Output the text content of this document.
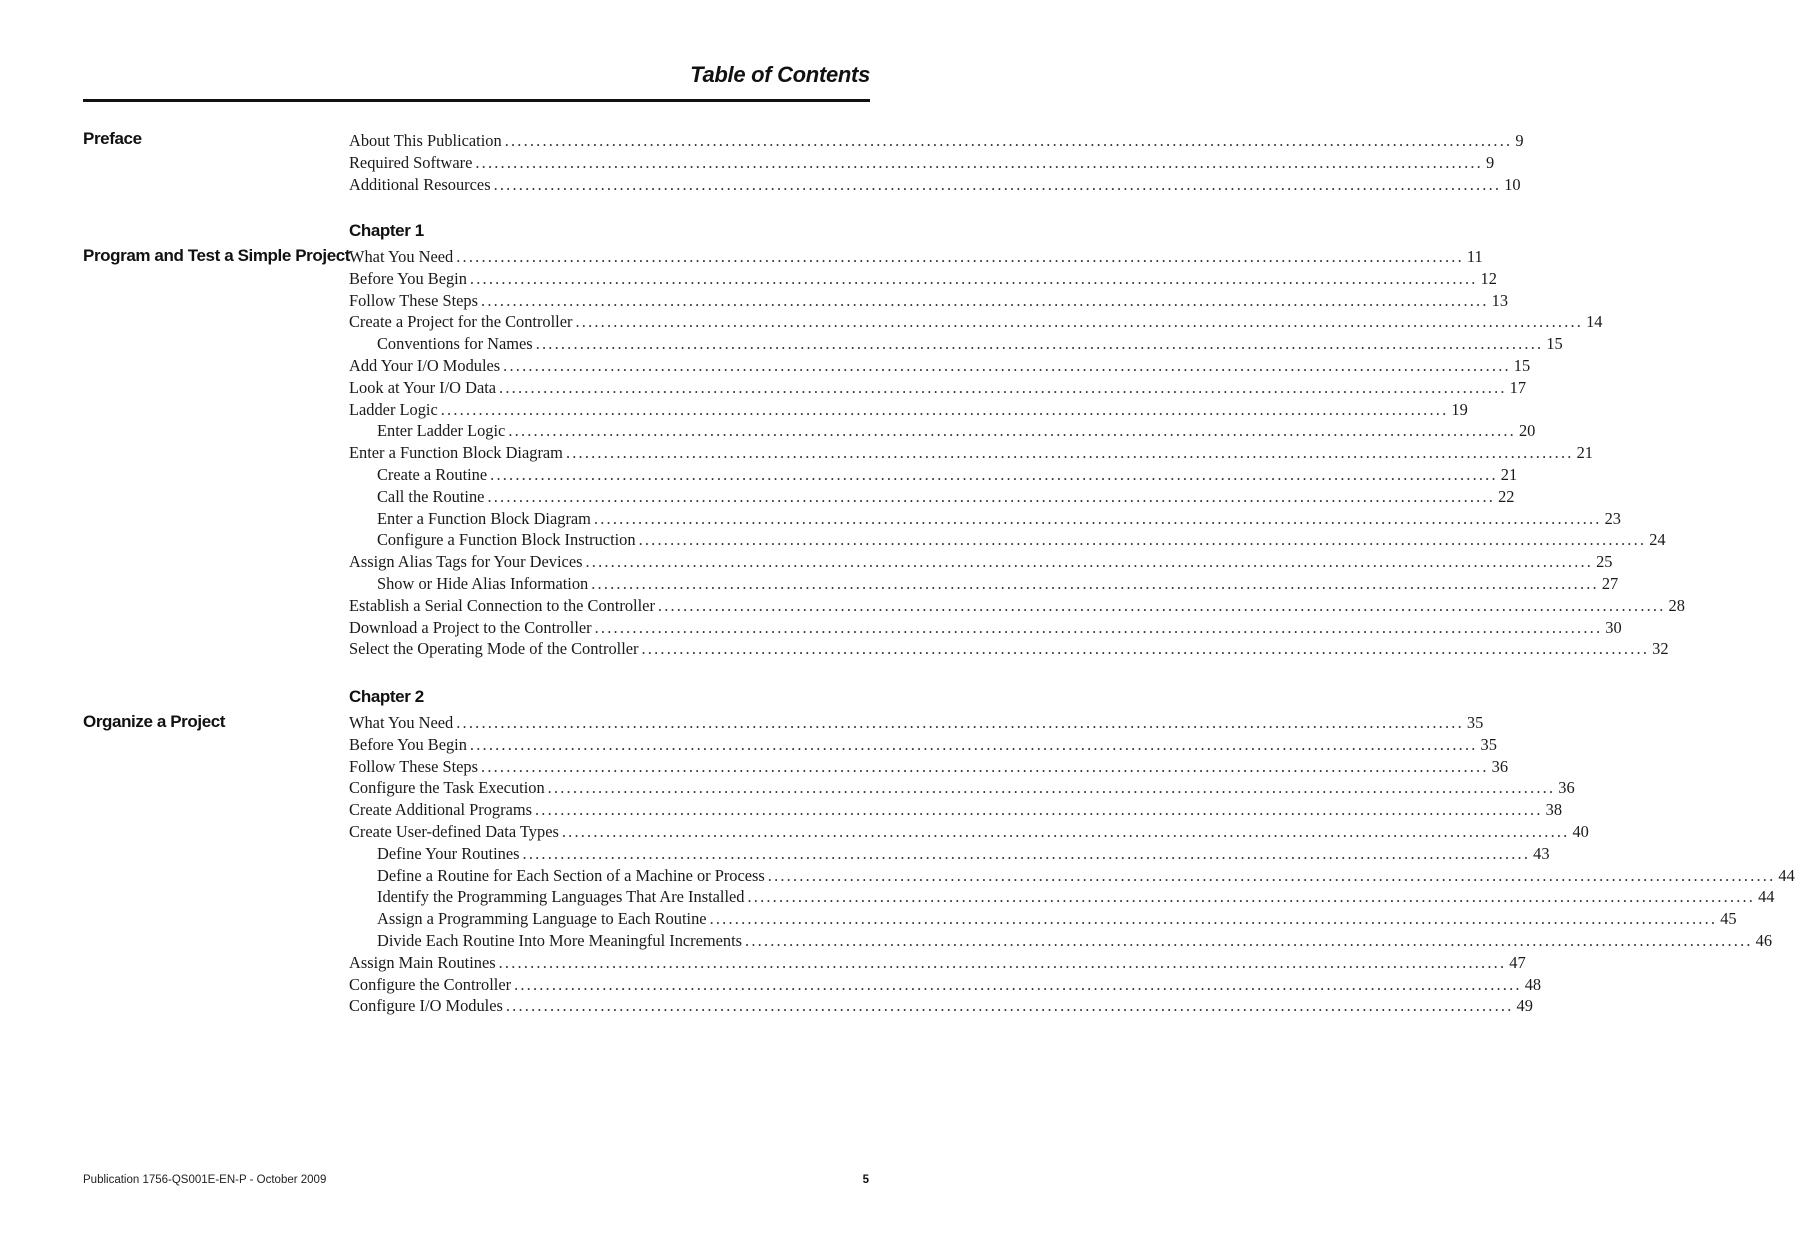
Table of Contents
Preface	About This Publication ................................................................................................................................................................ 9
Required Software ................................................................................................................................................................ 9
Additional Resources ................................................................................................................................................................ 10
Chapter 1
Program and Test a Simple Project
What You Need ................................................................................................................................................................ 11
Before You Begin ................................................................................................................................................................ 12
Follow These Steps ................................................................................................................................................................ 13
Create a Project for the Controller ................................................................................................................................................................ 14
Conventions for Names ................................................................................................................................................................ 15
Add Your I/O Modules ................................................................................................................................................................ 15
Look at Your I/O Data ................................................................................................................................................................ 17
Ladder Logic ................................................................................................................................................................ 19
Enter Ladder Logic ................................................................................................................................................................ 20
Enter a Function Block Diagram ................................................................................................................................................................ 21
Create a Routine ................................................................................................................................................................ 21
Call the Routine ................................................................................................................................................................ 22
Enter a Function Block Diagram ................................................................................................................................................................ 23
Configure a Function Block Instruction ................................................................................................................................................................ 24
Assign Alias Tags for Your Devices ................................................................................................................................................................ 25
Show or Hide Alias Information ................................................................................................................................................................ 27
Establish a Serial Connection to the Controller ................................................................................................................................................................ 28
Download a Project to the Controller ................................................................................................................................................................ 30
Select the Operating Mode of the Controller ................................................................................................................................................................ 32
Chapter 2
Organize a Project	What You Need ................................................................................................................................................................ 35
Before You Begin ................................................................................................................................................................ 35
Follow These Steps ................................................................................................................................................................ 36
Configure the Task Execution ................................................................................................................................................................ 36
Create Additional Programs ................................................................................................................................................................ 38
Create User-defined Data Types ................................................................................................................................................................ 40
Define Your Routines ................................................................................................................................................................ 43
Define a Routine for Each Section of a Machine or Process ................................................................................................................................................................ 44
Identify the Programming Languages That Are Installed ................................................................................................................................................................ 44
Assign a Programming Language to Each Routine ................................................................................................................................................................ 45
Divide Each Routine Into More Meaningful Increments ................................................................................................................................................................ 46
Assign Main Routines ................................................................................................................................................................ 47
Configure the Controller ................................................................................................................................................................ 48
Configure I/O Modules ................................................................................................................................................................ 49
Publication 1756-QS001E-EN-P - October 2009	5
